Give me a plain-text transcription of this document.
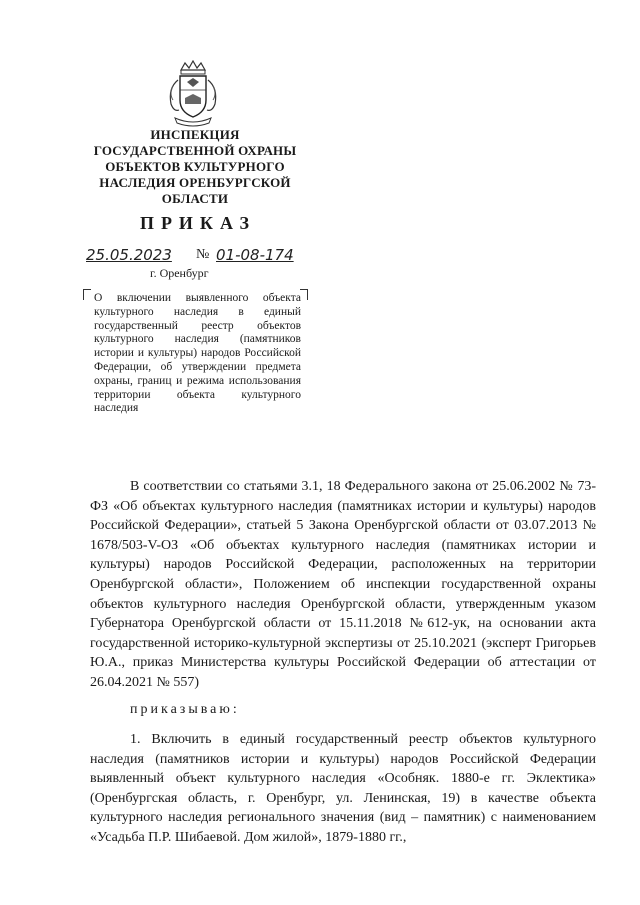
ИНСПЕКЦИЯ
ГОСУДАРСТВЕННОЙ ОХРАНЫ
ОБЪЕКТОВ КУЛЬТУРНОГО
НАСЛЕДИЯ ОРЕНБУРГСКОЙ
ОБЛАСТИ
ПРИКАЗ
25.05.2023 № 01-08-174
г. Оренбург
О включении выявленного объекта культурного наследия в единый государственный реестр объектов культурного наследия (памятников истории и культуры) народов Российской Федерации, об утверждении предмета охраны, границ и режима использования территории объекта культурного наследия
В соответствии со статьями 3.1, 18 Федерального закона от 25.06.2002 № 73-ФЗ «Об объектах культурного наследия (памятниках истории и культуры) народов Российской Федерации», статьей 5 Закона Оренбургской области от 03.07.2013 № 1678/503-V-ОЗ «Об объектах культурного наследия (памятниках истории и культуры) народов Российской Федерации, расположенных на территории Оренбургской области», Положением об инспекции государственной охраны объектов культурного наследия Оренбургской области, утвержденным указом Губернатора Оренбургской области от 15.11.2018 №612-ук, на основании акта государственной историко-культурной экспертизы от 25.10.2021 (эксперт Григорьев Ю.А., приказ Министерства культуры Российской Федерации об аттестации от 26.04.2021 № 557)
приказываю:
1. Включить в единый государственный реестр объектов культурного наследия (памятников истории и культуры) народов Российской Федерации выявленный объект культурного наследия «Особняк. 1880-е гг. Эклектика» (Оренбургская область, г. Оренбург, ул. Ленинская, 19) в качестве объекта культурного наследия регионального значения (вид – памятник) с наименованием «Усадьба П.Р. Шибаевой. Дом жилой», 1879-1880 гг.,
